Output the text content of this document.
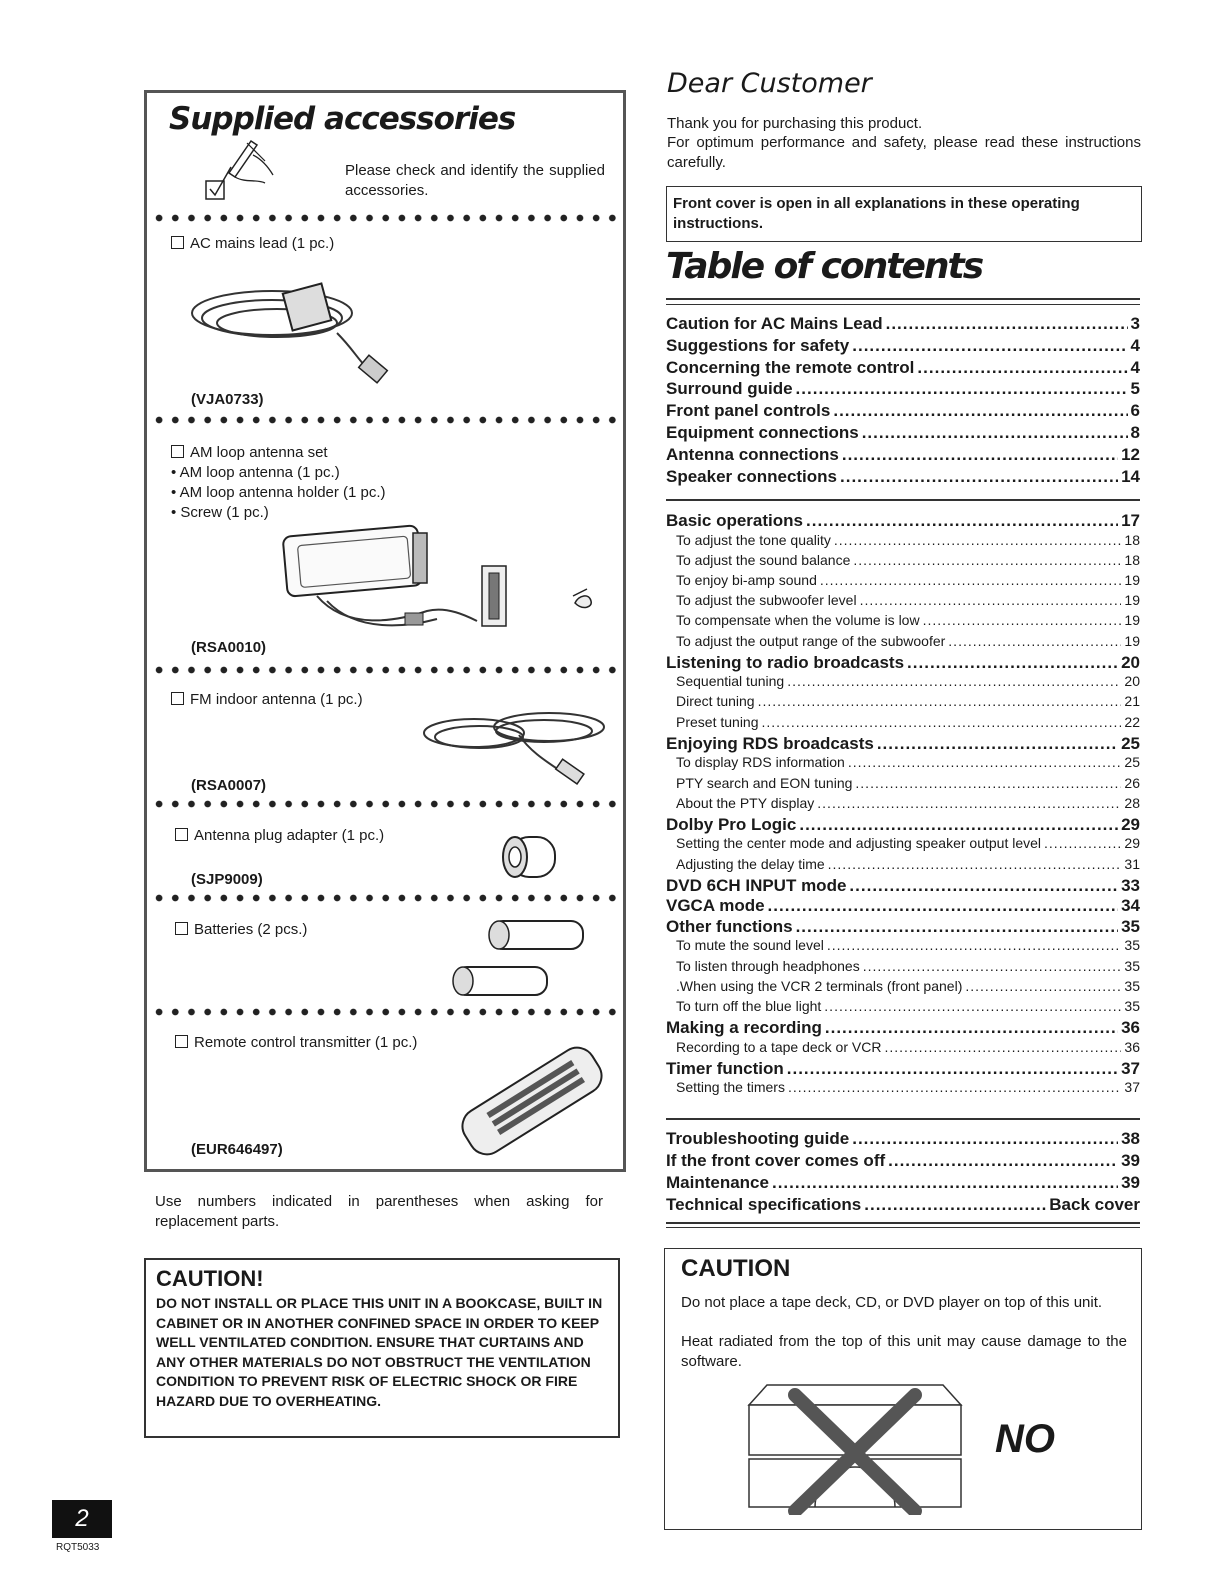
Supplied accessories
Please check and identify the supplied accessories.
AC mains lead (1 pc.)
(VJA0733)
AM loop antenna set
• AM loop antenna (1 pc.)
• AM loop antenna holder (1 pc.)
• Screw (1 pc.)
(RSA0010)
FM indoor antenna (1 pc.)
(RSA0007)
Antenna plug adapter (1 pc.)
(SJP9009)
Batteries (2 pcs.)
Remote control transmitter (1 pc.)
(EUR646497)
Use numbers indicated in parentheses when asking for replacement parts.
CAUTION!
DO NOT INSTALL OR PLACE THIS UNIT IN A BOOKCASE, BUILT IN CABINET OR IN ANOTHER CONFINED SPACE IN ORDER TO KEEP WELL VENTILATED CONDITION. ENSURE THAT CURTAINS AND ANY OTHER MATERIALS DO NOT OBSTRUCT THE VENTILATION CONDITION TO PREVENT RISK OF ELECTRIC SHOCK OR FIRE HAZARD DUE TO OVERHEATING.
2
RQT5033
Dear Customer
Thank you for purchasing this product.
For optimum performance and safety, please read these instructions carefully.
Front cover is open in all explanations in these operating instructions.
Table of contents
Caution for AC Mains Lead .....	3
Suggestions for safety .....	4
Concerning the remote control .....	4
Surround guide .....	5
Front panel controls .....	6
Equipment connections .....	8
Antenna connections .....	12
Speaker connections .....	14
Basic operations .....	17
To adjust the tone quality .....	18
To adjust the sound balance .....	18
To enjoy bi-amp sound .....	19
To adjust the subwoofer level .....	19
To compensate when the volume is low .....	19
To adjust the output range of the subwoofer .....	19
Listening to radio broadcasts .....	20
Sequential tuning .....	20
Direct tuning .....	21
Preset tuning .....	22
Enjoying RDS broadcasts .....	25
To display RDS information .....	25
PTY search and EON tuning .....	26
About the PTY display .....	28
Dolby Pro Logic .....	29
Setting the center mode and adjusting speaker output level .....	29
Adjusting the delay time .....	31
DVD 6CH INPUT mode .....	33
VGCA mode .....	34
Other functions .....	35
To mute the sound level .....	35
To listen through headphones .....	35
.When using the VCR 2 terminals (front panel) .....	35
To turn off the blue light .....	35
Making a recording .....	36
Recording to a tape deck or VCR .....	36
Timer function .....	37
Setting the timers .....	37
Troubleshooting guide .....	38
If the front cover comes off .....	39
Maintenance .....	39
Technical specifications .....	Back cover
CAUTION
Do not place a tape deck, CD, or DVD player on top of this unit.
Heat radiated from the top of this unit may cause damage to the software.
NO
